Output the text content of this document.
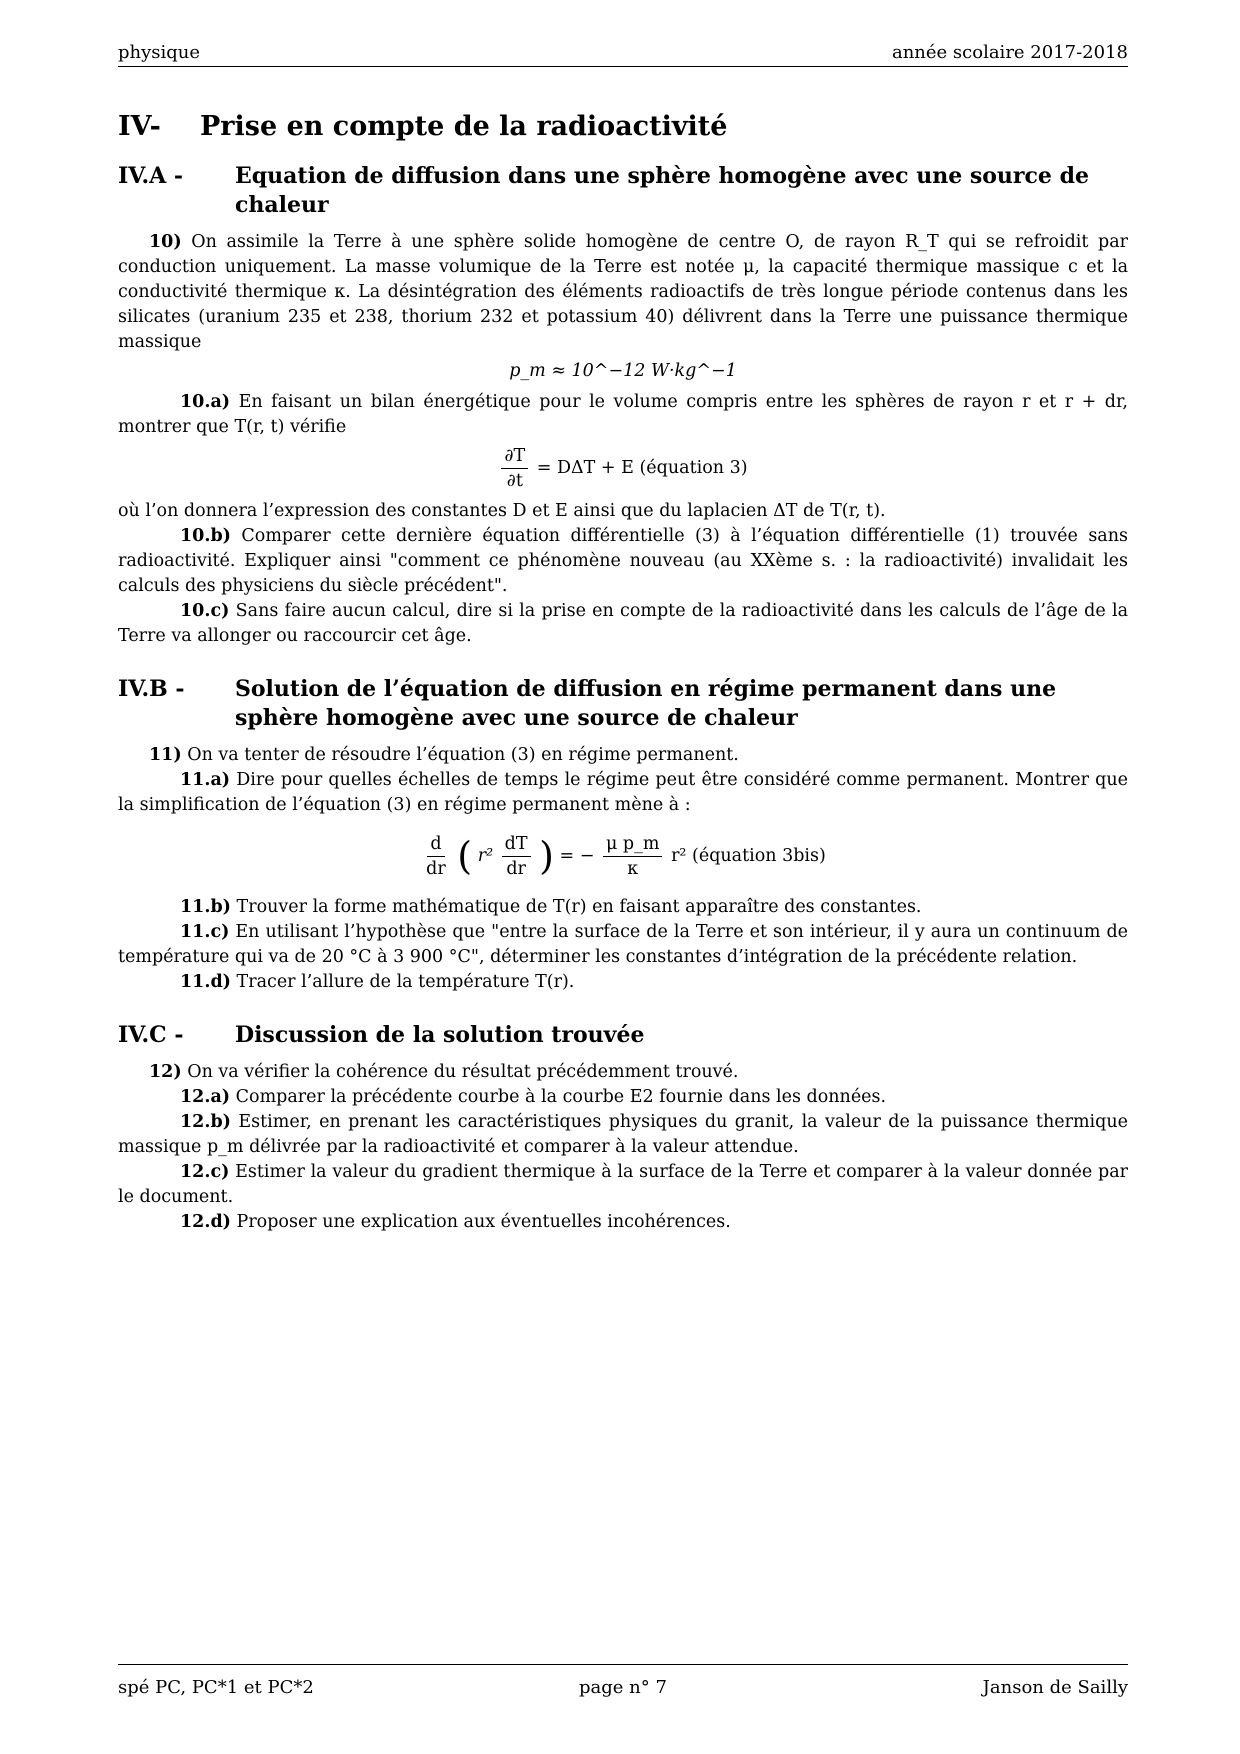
physique	année scolaire 2017-2018
IV-	Prise en compte de la radioactivité
IV.A -	Equation de diffusion dans une sphère homogène avec une source de chaleur

10) On assimile la Terre à une sphère solide homogène de centre O, de rayon R_T qui se refroidit par conduction uniquement. La masse volumique de la Terre est notée μ, la capacité thermique massique c et la conductivité thermique κ. La désintégration des éléments radioactifs de très longue période contenus dans les silicates (uranium 235 et 238, thorium 232 et potassium 40) délivrent dans la Terre une puissance thermique massique

p_m ≈ 10^−12 W·kg^−1

10.a) En faisant un bilan énergétique pour le volume compris entre les sphères de rayon r et r + dr, montrer que T(r, t) vérifie

$\frac{\partial T}{\partial t} = D\Delta T + E$ (équation 3)

où l’on donnera l’expression des constantes D et E ainsi que du laplacien ΔT de T(r, t).

10.b) Comparer cette dernière équation différentielle (3) à l’équation différentielle (1) trouvée sans radioactivité. Expliquer ainsi "comment ce phénomène nouveau (au XXème s. : la radioactivité) invalidait les calculs des physiciens du siècle précédent".

10.c) Sans faire aucun calcul, dire si la prise en compte de la radioactivité dans les calculs de l’âge de la Terre va allonger ou raccourcir cet âge.

IV.B -	Solution de l’équation de diffusion en régime permanent dans une sphère homogène avec une source de chaleur

11) On va tenter de résoudre l’équation (3) en régime permanent.

11.a) Dire pour quelles échelles de temps le régime peut être considéré comme permanent. Montrer que la simplification de l’équation (3) en régime permanent mène à :

$\frac{d}{dr}$ ( $r^2 \frac{dT}{dr}$ ) = − $\frac{\text{μ p\_m}}{\kappa} r^2$ (équation 3bis)

11.b) Trouver la forme mathématique de T(r) en faisant apparaître des constantes.

11.c) En utilisant l’hypothèse que "entre la surface de la Terre et son intérieur, il y aura un continuum de température qui va de 20 °C à 3 900 °C", déterminer les constantes d’intégration de la précédente relation.

11.d) Tracer l’allure de la température T(r).

IV.C -	Discussion de la solution trouvée

12) On va vérifier la cohérence du résultat précédemment trouvé.

12.a) Comparer la précédente courbe à la courbe E2 fournie dans les données.

12.b) Estimer, en prenant les caractéristiques physiques du granit, la valeur de la puissance thermique massique p_m délivrée par la radioactivité et comparer à la valeur attendue.

12.c) Estimer la valeur du gradient thermique à la surface de la Terre et comparer à la valeur donnée par le document.

12.d) Proposer une explication aux éventuelles incohérences.

spé PC, PC*1 et PC*2	page n° 7	Janson de Sailly
